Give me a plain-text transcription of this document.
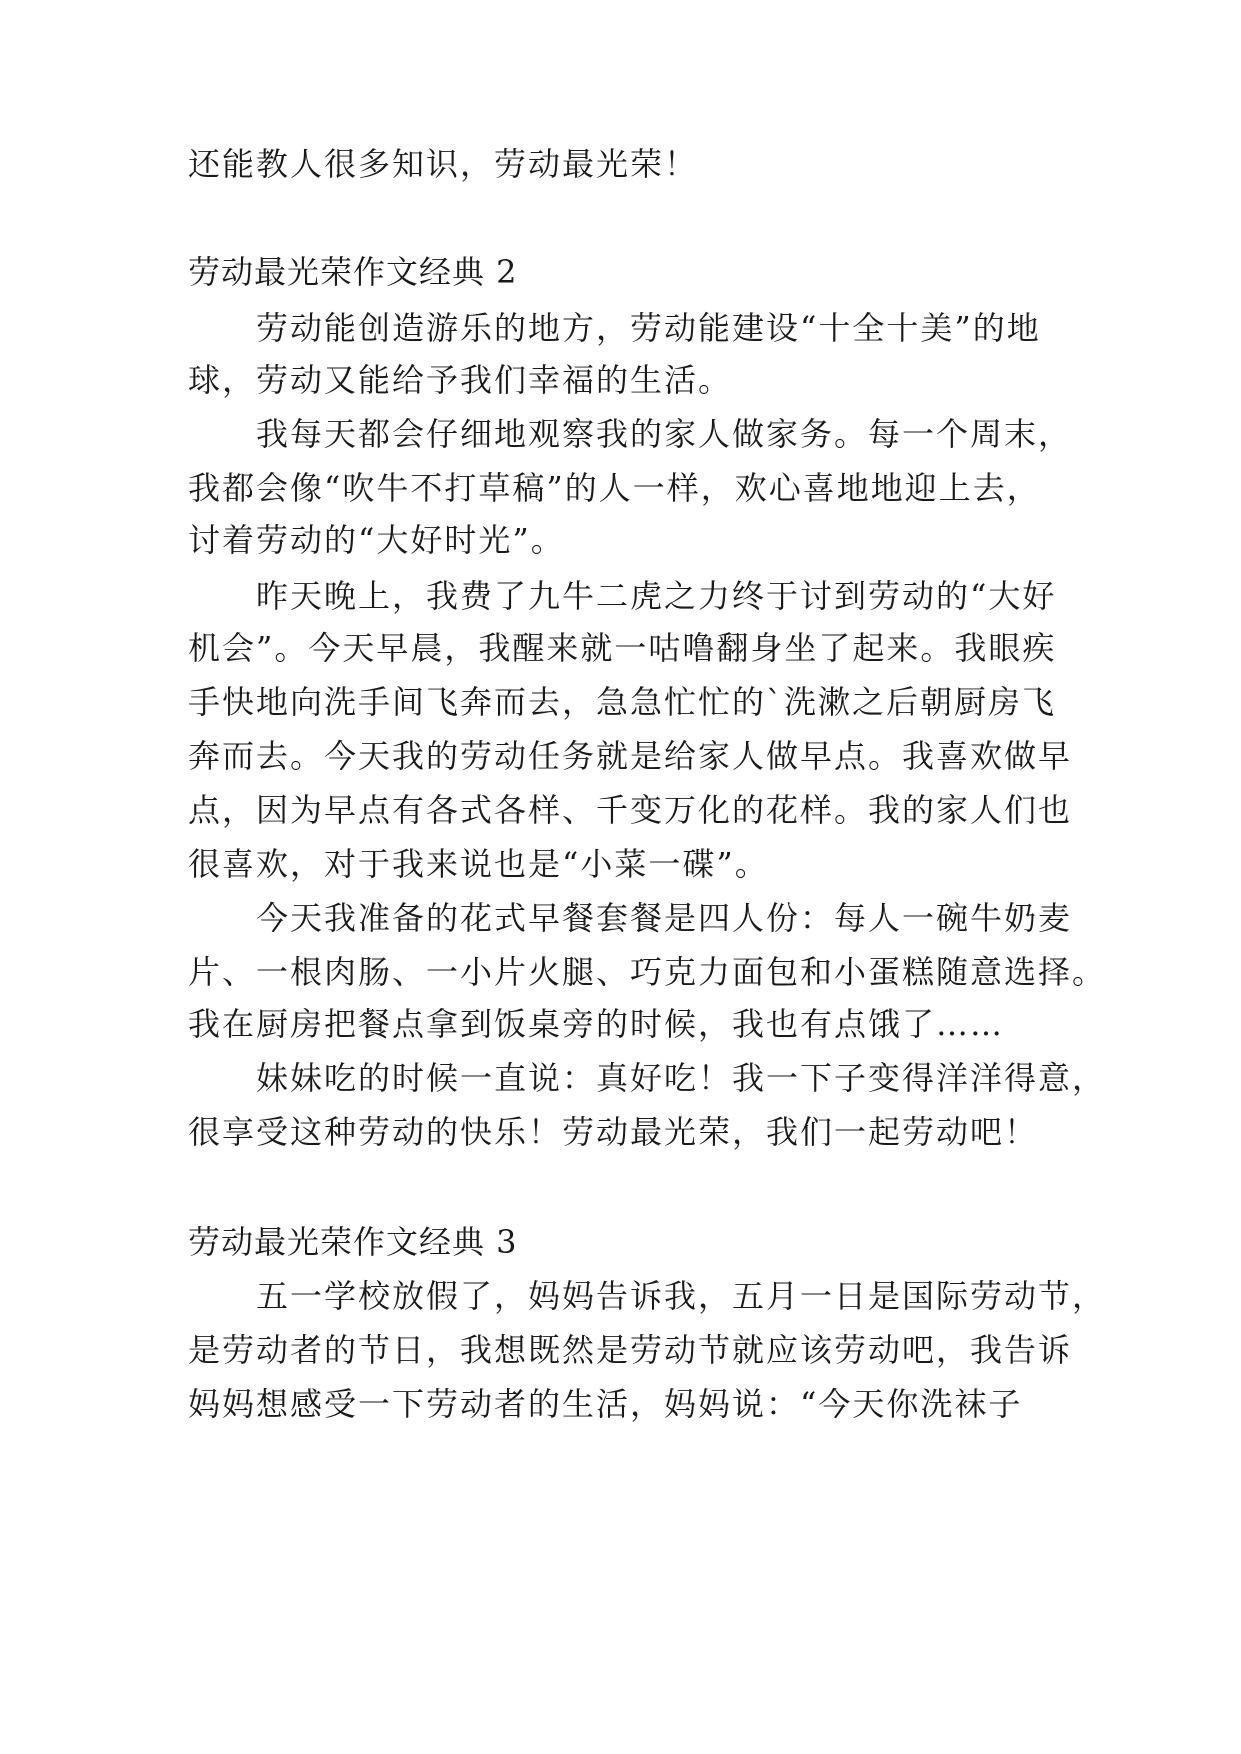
还能教人很多知识，劳动最光荣！
劳动最光荣作文经典 2
劳动能创造游乐的地方，劳动能建设“十全十美”的地
球，劳动又能给予我们幸福的生活。
我每天都会仔细地观察我的家人做家务。每一个周末，
我都会像“吹牛不打草稿”的人一样，欢心喜地地迎上去，
讨着劳动的“大好时光”。
昨天晚上，我费了九牛二虎之力终于讨到劳动的“大好
机会”。今天早晨，我醒来就一咕噜翻身坐了起来。我眼疾
手快地向洗手间飞奔而去，急急忙忙的`洗漱之后朝厨房飞
奔而去。今天我的劳动任务就是给家人做早点。我喜欢做早
点，因为早点有各式各样、千变万化的花样。我的家人们也
很喜欢，对于我来说也是“小菜一碟”。
今天我准备的花式早餐套餐是四人份：每人一碗牛奶麦
片、一根肉肠、一小片火腿、巧克力面包和小蛋糕随意选择。
我在厨房把餐点拿到饭桌旁的时候，我也有点饿了……
妹妹吃的时候一直说：真好吃！我一下子变得洋洋得意，
很享受这种劳动的快乐！劳动最光荣，我们一起劳动吧！
劳动最光荣作文经典 3
五一学校放假了，妈妈告诉我，五月一日是国际劳动节，
是劳动者的节日，我想既然是劳动节就应该劳动吧，我告诉
妈妈想感受一下劳动者的生活，妈妈说：“今天你洗袜子
